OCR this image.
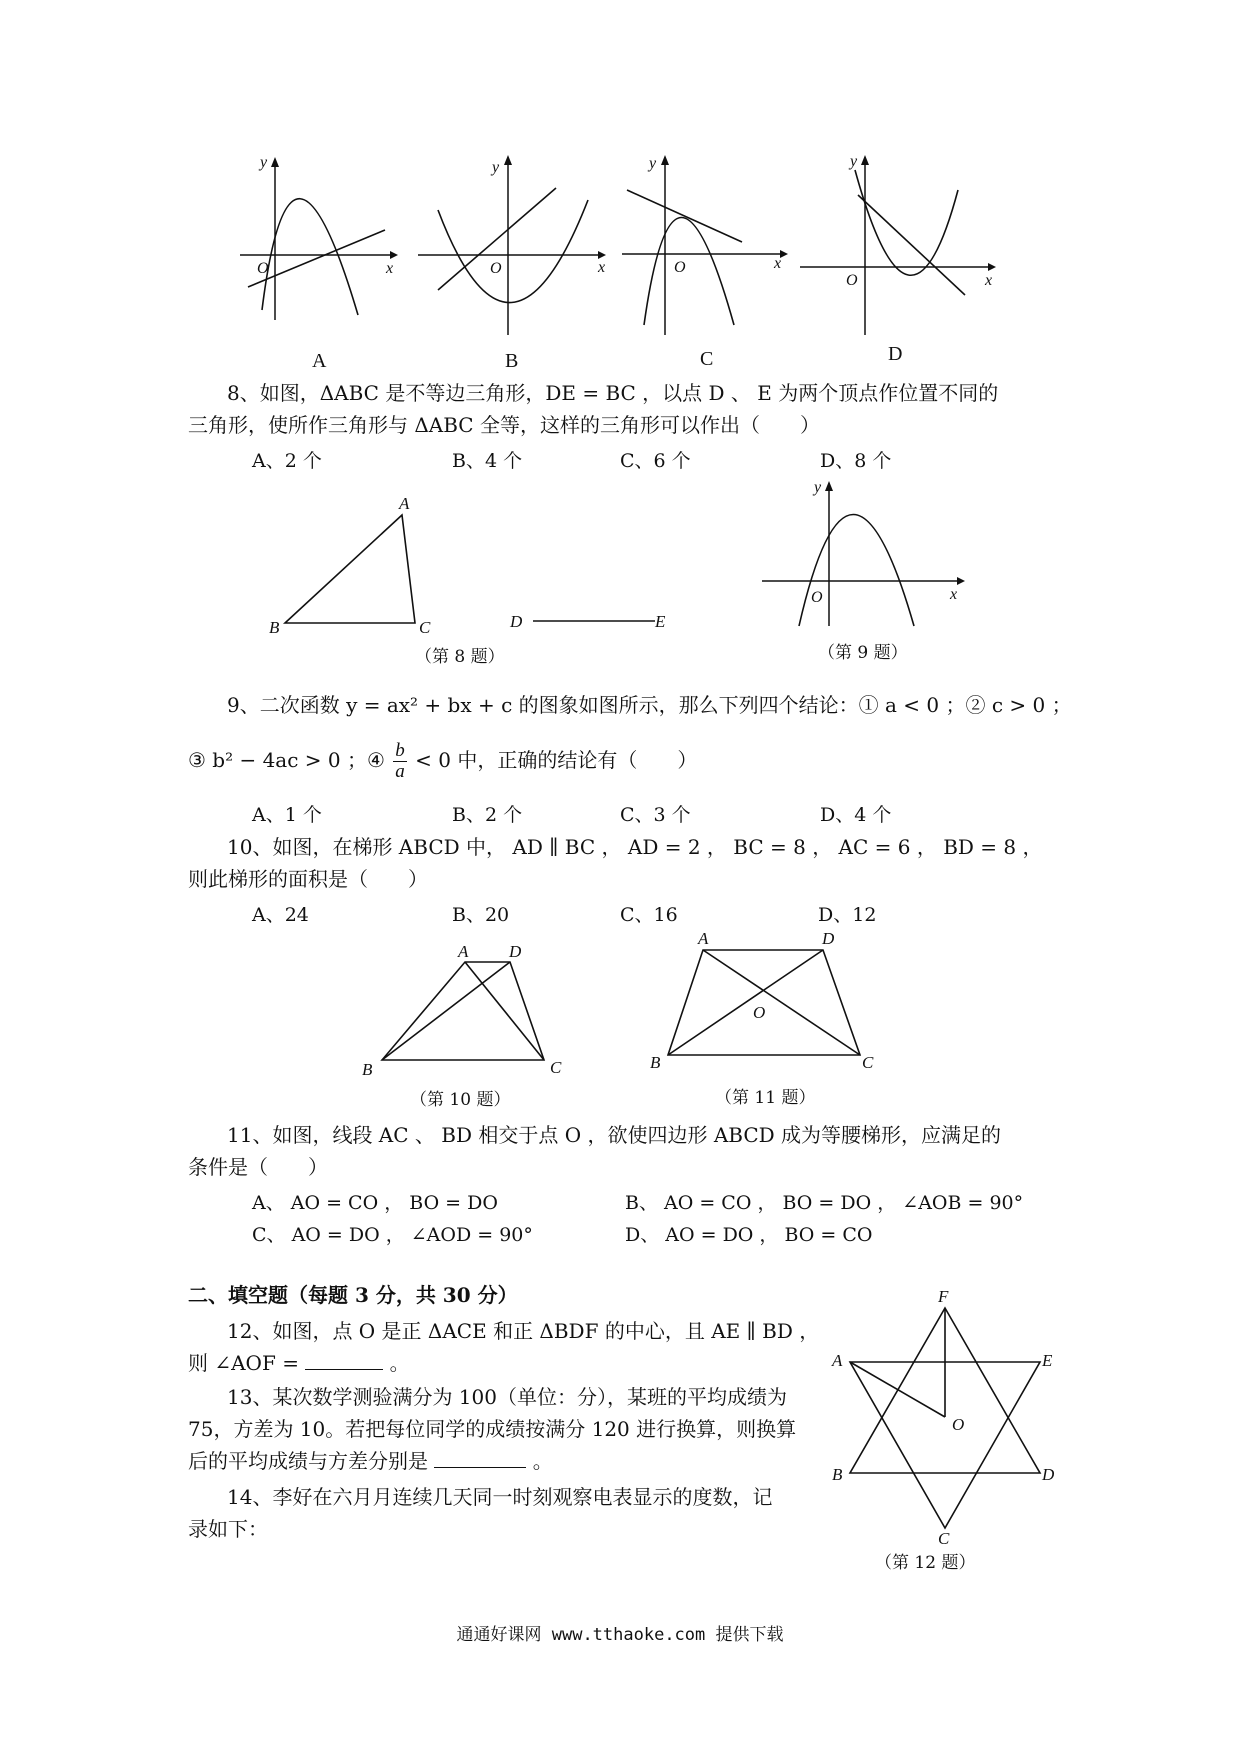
y
x
O
A
y
x
O
B
y
x
O
C
y
x
O
D
8、如图，ΔABC 是不等边三角形，DE = BC ，以点 D 、 E 为两个顶点作位置不同的
三角形，使所作三角形与 ΔABC 全等，这样的三角形可以作出（　　）
A、2 个	B、4 个	C、6 个	D、8 个
A
B	C	D	E
（第 8 题）
y
x
O
（第 9 题）
9、二次函数 y = ax² + bx + c 的图象如图所示，那么下列四个结论：① a < 0 ；② c > 0 ；
③ b² − 4ac > 0 ；④ $\frac{b}{a} < 0$ 中，正确的结论有（　　）
A、1 个	B、2 个	C、3 个	D、4 个
10、如图，在梯形 ABCD 中， AD ∥ BC ， AD = 2 ， BC = 8 ， AC = 6 ， BD = 8 ，
则此梯形的面积是（　　）
A、24	B、20	C、16	D、12
A D
B	C
（第 10 题）
A	D
O
B	C
（第 11 题）
11、如图，线段 AC 、 BD 相交于点 O ，欲使四边形 ABCD 成为等腰梯形，应满足的
条件是（　　）
A、 AO = CO ， BO = DO	B、 AO = CO ， BO = DO ， ∠AOB = 90°
C、 AO = DO ， ∠AOD = 90°	D、 AO = DO ， BO = CO
二、填空题（每题 3 分，共 30 分）
12、如图，点 O 是正 ΔACE 和正 ΔBDF 的中心，且 AE ∥ BD ，
则 ∠AOF =	。
F
A	E
O
B	D
C
（第 12 题）
13、某次数学测验满分为 100（单位：分），某班的平均成绩为
75，方差为 10。若把每位同学的成绩按满分 120 进行换算，则换算
后的平均成绩与方差分别是	。
14、李好在六月月连续几天同一时刻观察电表显示的度数，记
录如下：
通通好课网 www.tthaoke.com 提供下载
